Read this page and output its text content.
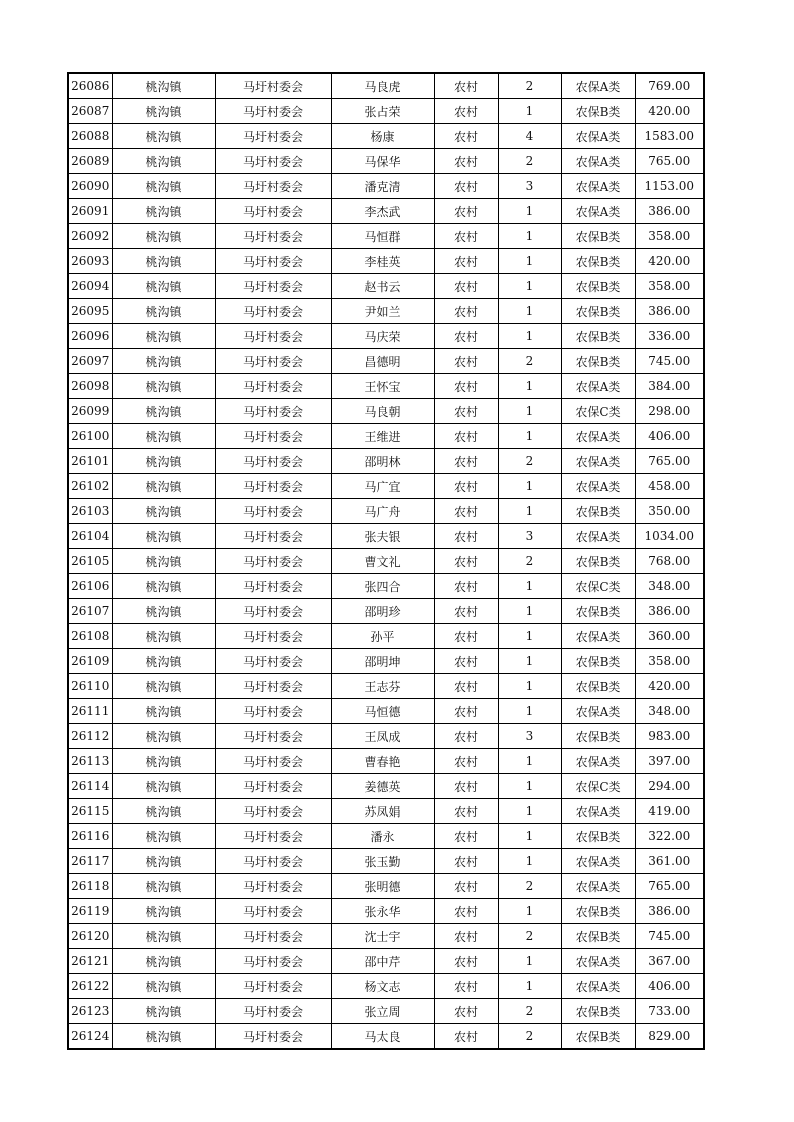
26086	桃沟镇	马圩村委会	马良虎	农村	2	农保A类	769.00
26087	桃沟镇	马圩村委会	张占荣	农村	1	农保B类	420.00
26088	桃沟镇	马圩村委会	杨康	农村	4	农保A类	1583.00
26089	桃沟镇	马圩村委会	马保华	农村	2	农保A类	765.00
26090	桃沟镇	马圩村委会	潘克清	农村	3	农保A类	1153.00
26091	桃沟镇	马圩村委会	李杰武	农村	1	农保A类	386.00
26092	桃沟镇	马圩村委会	马恒群	农村	1	农保B类	358.00
26093	桃沟镇	马圩村委会	李桂英	农村	1	农保B类	420.00
26094	桃沟镇	马圩村委会	赵书云	农村	1	农保B类	358.00
26095	桃沟镇	马圩村委会	尹如兰	农村	1	农保B类	386.00
26096	桃沟镇	马圩村委会	马庆荣	农村	1	农保B类	336.00
26097	桃沟镇	马圩村委会	昌德明	农村	2	农保B类	745.00
26098	桃沟镇	马圩村委会	王怀宝	农村	1	农保A类	384.00
26099	桃沟镇	马圩村委会	马良朝	农村	1	农保C类	298.00
26100	桃沟镇	马圩村委会	王维进	农村	1	农保A类	406.00
26101	桃沟镇	马圩村委会	邵明林	农村	2	农保A类	765.00
26102	桃沟镇	马圩村委会	马广宜	农村	1	农保A类	458.00
26103	桃沟镇	马圩村委会	马广舟	农村	1	农保B类	350.00
26104	桃沟镇	马圩村委会	张夫银	农村	3	农保A类	1034.00
26105	桃沟镇	马圩村委会	曹文礼	农村	2	农保B类	768.00
26106	桃沟镇	马圩村委会	张四合	农村	1	农保C类	348.00
26107	桃沟镇	马圩村委会	邵明珍	农村	1	农保B类	386.00
26108	桃沟镇	马圩村委会	孙平	农村	1	农保A类	360.00
26109	桃沟镇	马圩村委会	邵明坤	农村	1	农保B类	358.00
26110	桃沟镇	马圩村委会	王志芬	农村	1	农保B类	420.00
26111	桃沟镇	马圩村委会	马恒德	农村	1	农保A类	348.00
26112	桃沟镇	马圩村委会	王凤成	农村	3	农保B类	983.00
26113	桃沟镇	马圩村委会	曹春艳	农村	1	农保A类	397.00
26114	桃沟镇	马圩村委会	姜德英	农村	1	农保C类	294.00
26115	桃沟镇	马圩村委会	苏凤娟	农村	1	农保A类	419.00
26116	桃沟镇	马圩村委会	潘永	农村	1	农保B类	322.00
26117	桃沟镇	马圩村委会	张玉勤	农村	1	农保A类	361.00
26118	桃沟镇	马圩村委会	张明德	农村	2	农保A类	765.00
26119	桃沟镇	马圩村委会	张永华	农村	1	农保B类	386.00
26120	桃沟镇	马圩村委会	沈士宇	农村	2	农保B类	745.00
26121	桃沟镇	马圩村委会	邵中芹	农村	1	农保A类	367.00
26122	桃沟镇	马圩村委会	杨文志	农村	1	农保A类	406.00
26123	桃沟镇	马圩村委会	张立周	农村	2	农保B类	733.00
26124	桃沟镇	马圩村委会	马太良	农村	2	农保B类	829.00
